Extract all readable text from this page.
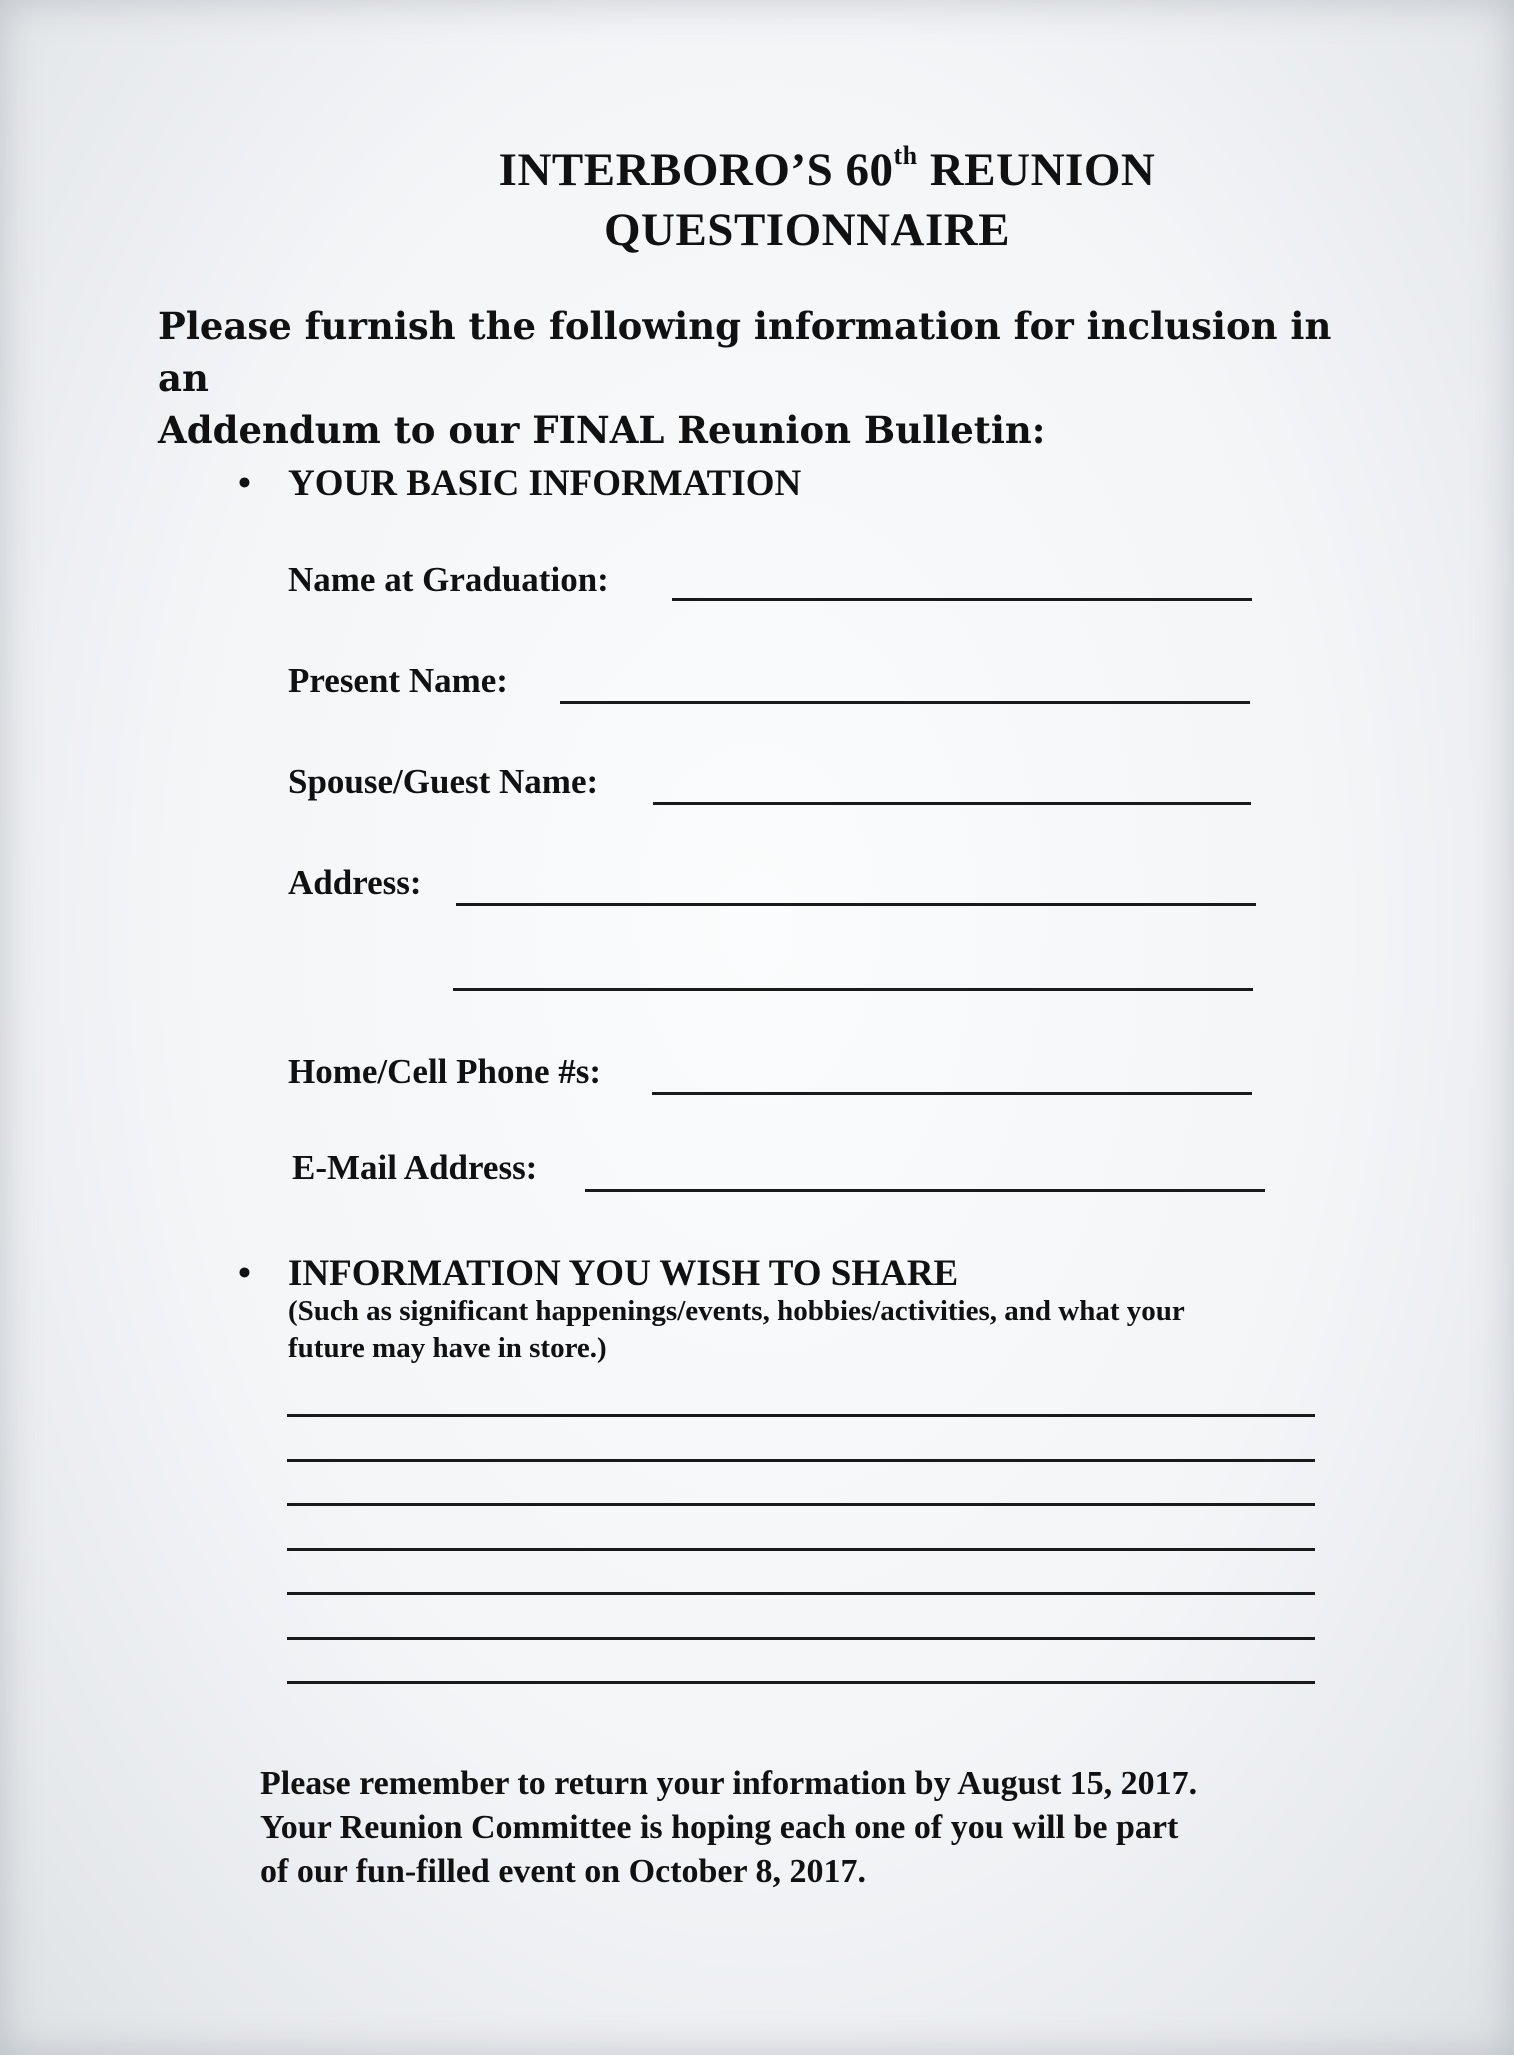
INTERBORO’S 60th REUNION
QUESTIONNAIRE
Please furnish the following information for inclusion in an
Addendum to our FINAL Reunion Bulletin:
• YOUR BASIC INFORMATION
Name at Graduation:
Present Name:
Spouse/Guest Name:
Address:
Home/Cell Phone #s:
E-Mail Address:
• INFORMATION YOU WISH TO SHARE
(Such as significant happenings/events, hobbies/activities, and what your
future may have in store.)
Please remember to return your information by August 15, 2017.
Your Reunion Committee is hoping each one of you will be part
of our fun-filled event on October 8, 2017.
